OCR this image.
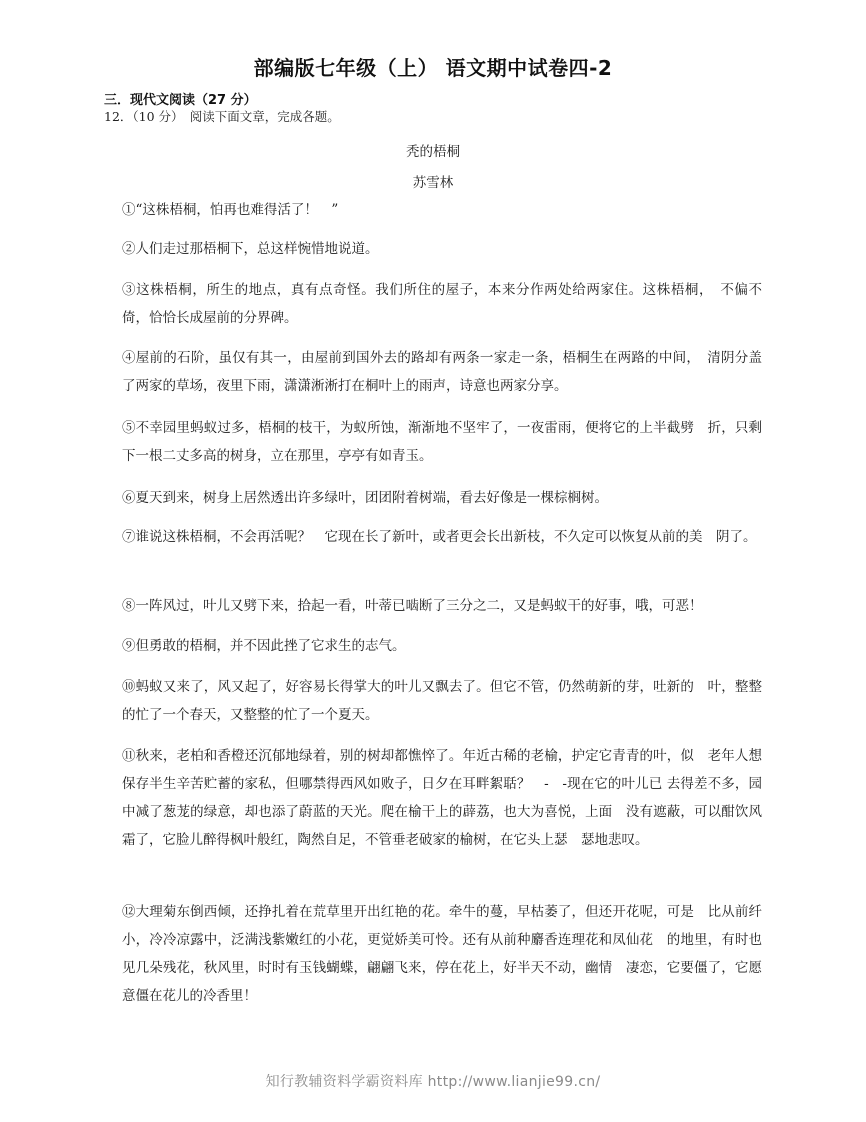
部编版七年级（上） 语文期中试卷四-2
三．现代文阅读（27 分）
12．（10 分）　阅读下面文章，完成各题。
秃的梧桐
苏雪林
①“这株梧桐，怕再也难得活了！　”
②人们走过那梧桐下，总这样惋惜地说道。
③这株梧桐，所生的地点，真有点奇怪。我们所住的屋子，本来分作两处给两家住。这株梧桐，　不偏不倚，恰恰长成屋前的分界碑。
④屋前的石阶，虽仅有其一，由屋前到国外去的路却有两条一家走一条，梧桐生在两路的中间，　清阴分盖了两家的草场，夜里下雨，潇潇淅淅打在桐叶上的雨声，诗意也两家分享。
⑤不幸园里蚂蚁过多，梧桐的枝干，为蚁所蚀，渐渐地不坚牢了，一夜雷雨，便将它的上半截劈　折，只剩下一根二丈多高的树身，立在那里，亭亭有如青玉。
⑥夏天到来，树身上居然透出许多绿叶，团团附着树端，看去好像是一棵棕榈树。
⑦谁说这株梧桐，不会再活呢？　它现在长了新叶，或者更会长出新枝，不久定可以恢复从前的美　阴了。
⑧一阵风过，叶儿又劈下来，拾起一看，叶蒂已啮断了三分之二，又是蚂蚁干的好事，哦，可恶！
⑨但勇敢的梧桐，并不因此挫了它求生的志气。
⑩蚂蚁又来了，风又起了，好容易长得掌大的叶儿又飘去了。但它不管，仍然萌新的芽，吐新的　叶，整整的忙了一个春天，又整整的忙了一个夏天。
⑪秋来，老柏和香橙还沉郁地绿着，别的树却都憔悴了。年近古稀的老榆，护定它青青的叶，似　老年人想保存半生辛苦贮蓄的家私，但哪禁得西风如败子，日夕在耳畔絮聒？　-　-现在它的叶儿已 去得差不多，园中减了葱茏的绿意，却也添了蔚蓝的天光。爬在榆干上的薜荔，也大为喜悦，上面　没有遮蔽，可以酣饮风霜了，它脸儿醉得枫叶般红，陶然自足，不管垂老破家的榆树，在它头上瑟　瑟地悲叹。
⑫大理菊东倒西倾，还挣扎着在荒草里开出红艳的花。牵牛的蔓，早枯萎了，但还开花呢，可是　比从前纤小，冷冷凉露中，泛满浅紫嫩红的小花，更觉娇美可怜。还有从前种麝香连理花和凤仙花　的地里，有时也见几朵残花，秋风里，时时有玉钱蝴蝶，翩翩飞来，停在花上，好半天不动，幽情　凄恋，它要僵了，它愿意僵在花儿的冷香里！
知行教辅资料学霸资料库 http://www.lianjie99.cn/
